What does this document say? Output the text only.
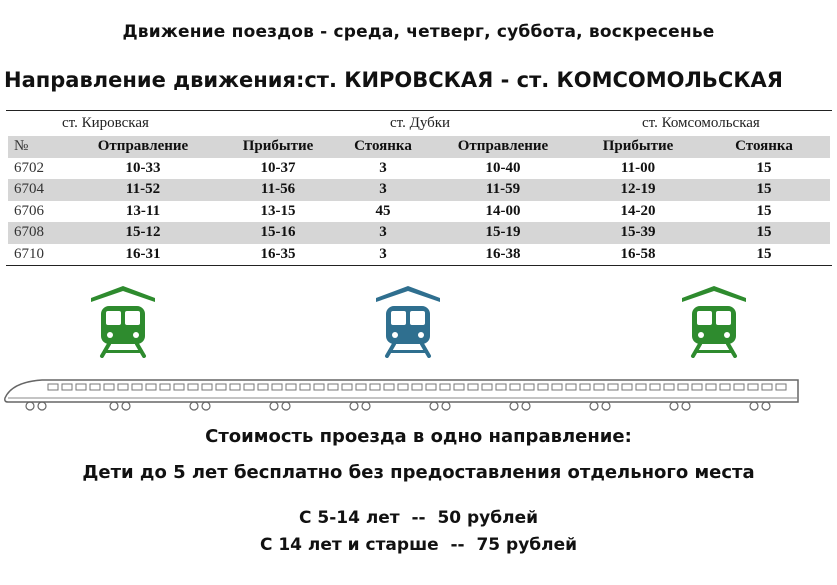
Движение поездов - среда, четверг, суббота, воскресенье
Направление движения:ст. КИРОВСКАЯ - ст. КОМСОМОЛЬСКАЯ
ст. Кировская	ст. Дубки	ст. Комсомольская
№	Отправление	Прибытие	Стоянка	Отправление	Прибытие	Стоянка
6702	10-33	10-37	3	10-40	11-00	15
6704	11-52	11-56	3	11-59	12-19	15
6706	13-11	13-15	45	14-00	14-20	15
6708	15-12	15-16	3	15-19	15-39	15
6710	16-31	16-35	3	16-38	16-58	15
Стоимость проезда в одно направление:
Дети до 5 лет бесплатно без предоставления отдельного места
С 5-14 лет  --  50 рублей
С 14 лет и старше  --  75 рублей
